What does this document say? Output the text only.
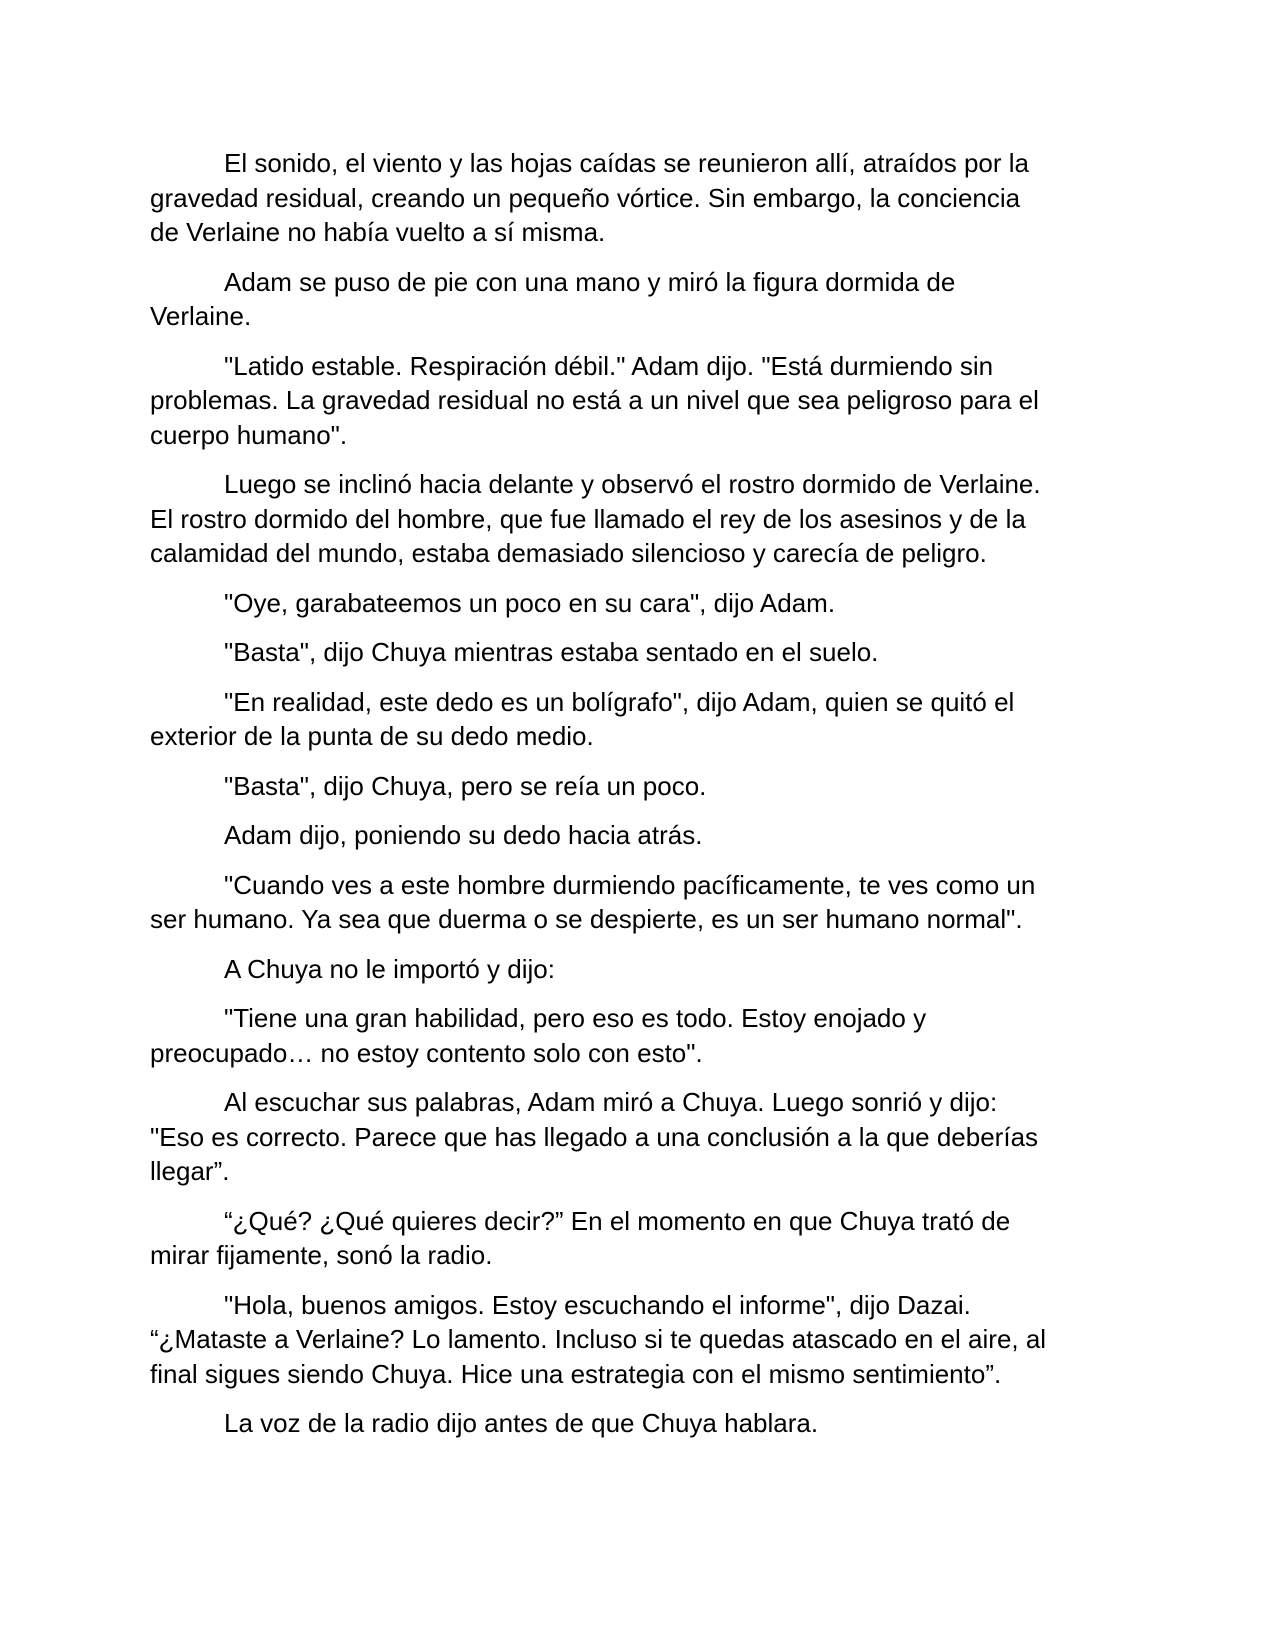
El sonido, el viento y las hojas caídas se reunieron allí, atraídos por la
gravedad residual, creando un pequeño vórtice. Sin embargo, la conciencia
de Verlaine no había vuelto a sí misma.

Adam se puso de pie con una mano y miró la figura dormida de
Verlaine.

"Latido estable. Respiración débil." Adam dijo. "Está durmiendo sin
problemas. La gravedad residual no está a un nivel que sea peligroso para el
cuerpo humano".

Luego se inclinó hacia delante y observó el rostro dormido de Verlaine.
El rostro dormido del hombre, que fue llamado el rey de los asesinos y de la
calamidad del mundo, estaba demasiado silencioso y carecía de peligro.

"Oye, garabateemos un poco en su cara", dijo Adam.

"Basta", dijo Chuya mientras estaba sentado en el suelo.

"En realidad, este dedo es un bolígrafo", dijo Adam, quien se quitó el
exterior de la punta de su dedo medio.

"Basta", dijo Chuya, pero se reía un poco.

Adam dijo, poniendo su dedo hacia atrás.

"Cuando ves a este hombre durmiendo pacíficamente, te ves como un
ser humano. Ya sea que duerma o se despierte, es un ser humano normal".

A Chuya no le importó y dijo:

"Tiene una gran habilidad, pero eso es todo. Estoy enojado y
preocupado… no estoy contento solo con esto".

Al escuchar sus palabras, Adam miró a Chuya. Luego sonrió y dijo:
"Eso es correcto. Parece que has llegado a una conclusión a la que deberías
llegar”.

“¿Qué? ¿Qué quieres decir?” En el momento en que Chuya trató de
mirar fijamente, sonó la radio.

"Hola, buenos amigos. Estoy escuchando el informe", dijo Dazai.
“¿Mataste a Verlaine? Lo lamento. Incluso si te quedas atascado en el aire, al
final sigues siendo Chuya. Hice una estrategia con el mismo sentimiento”.

La voz de la radio dijo antes de que Chuya hablara.
